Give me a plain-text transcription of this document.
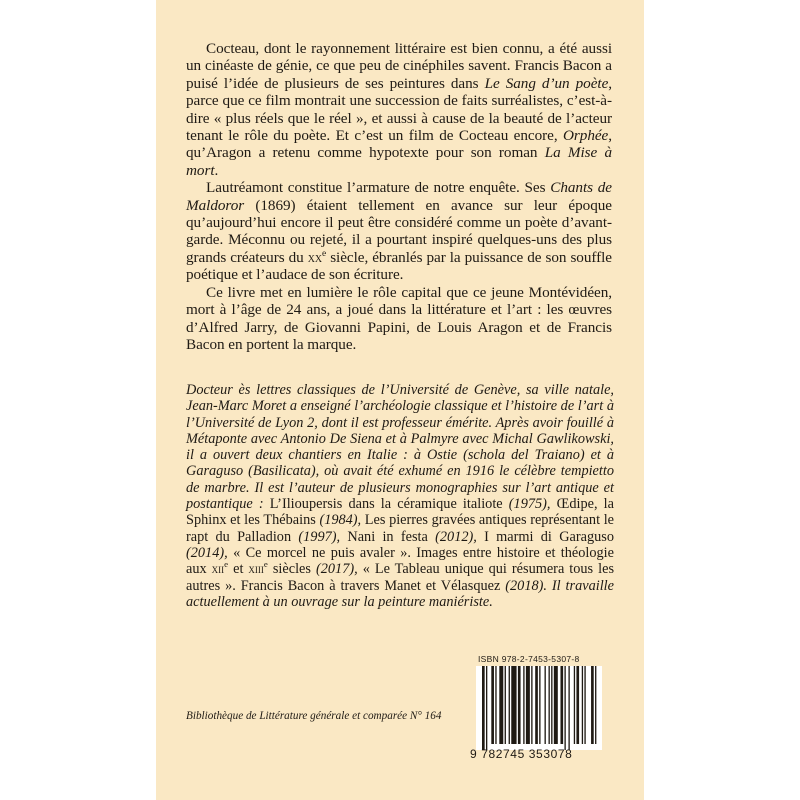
Cocteau, dont le rayonnement littéraire est bien connu, a été aussi un cinéaste de génie, ce que peu de cinéphiles savent. Francis Bacon a puisé l’idée de plusieurs de ses peintures dans Le Sang d’un poète, parce que ce film montrait une succession de faits surréalistes, c’est-à-dire « plus réels que le réel », et aussi à cause de la beauté de l’acteur tenant le rôle du poète. Et c’est un film de Cocteau encore, Orphée, qu’Aragon a retenu comme hypotexte pour son roman La Mise à mort.

Lautréamont constitue l’armature de notre enquête. Ses Chants de Maldoror (1869) étaient tellement en avance sur leur époque qu’aujourd’hui encore il peut être considéré comme un poète d’avant-garde. Méconnu ou rejeté, il a pourtant inspiré quelques-uns des plus grands créateurs du $xx^e$ siècle, ébranlés par la puissance de son souffle poétique et l’audace de son écriture.

Ce livre met en lumière le rôle capital que ce jeune Montévidéen, mort à l’âge de 24 ans, a joué dans la littérature et l’art : les œuvres d’Alfred Jarry, de Giovanni Papini, de Louis Aragon et de Francis Bacon en portent la marque.

Docteur ès lettres classiques de l’Université de Genève, sa ville natale, Jean-Marc Moret a enseigné l’archéologie classique et l’histoire de l’art à l’Université de Lyon 2, dont il est professeur émérite. Après avoir fouillé à Métaponte avec Antonio De Siena et à Palmyre avec Michal Gawlikowski, il a ouvert deux chantiers en Italie : à Ostie (schola del Traiano) et à Garaguso (Basilicata), où avait été exhumé en 1916 le célèbre tempietto de marbre. Il est l’auteur de plusieurs monographies sur l’art antique et postantique : L’Ilioupersis dans la céramique italiote (1975), Œdipe, la Sphinx et les Thébains (1984), Les pierres gravées antiques représentant le rapt du Palladion (1997), Nani in festa (2012), I marmi di Garaguso (2014), « Ce morcel ne puis avaler ». Images entre histoire et théologie aux xii$^e$ et xiii$^e$ siècles (2017), « Le Tableau unique qui résumera tous les autres ». Francis Bacon à travers Manet et Vélasquez (2018). Il travaille actuellement à un ouvrage sur la peinture maniériste.

Bibliothèque de Littérature générale et comparée N° 164
ISBN 978-2-7453-5307-8
9 782745 353078
